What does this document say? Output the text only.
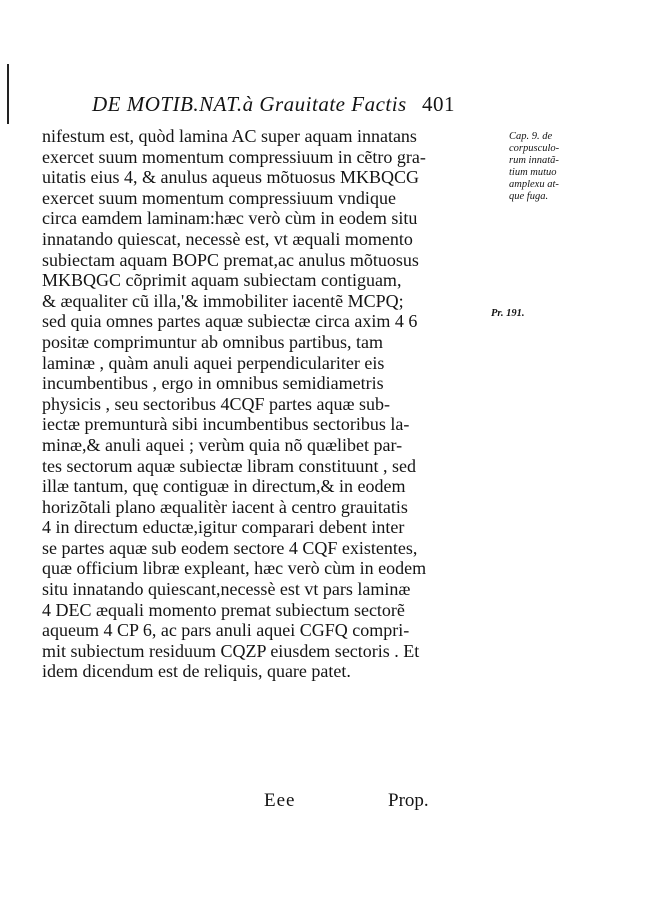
DE MOTIB.NAT.à Grauitate Factis 401
nifestum est, quòd lamina AC super aquam innatans
exercet suum momentum compressiuum in cẽtro gra-
uitatis eius 4, & anulus aqueus mõtuosus MKBQCG
exercet suum momentum compressiuum vndique
circa eamdem laminam:hæc verò cùm in eodem situ
innatando quiescat, necessè est, vt æquali momento
subiectam aquam BOPC premat,ac anulus mõtuosus
MKBQGC cõprimit aquam subiectam contiguam,
& æqualiter cũ illa,'& immobiliter iacentẽ MCPQ;
sed quia omnes partes aquæ subiectæ circa axim 4 6
positæ comprimuntur ab omnibus partibus, tam
laminæ , quàm anuli aquei perpendiculariter eis
incumbentibus , ergo in omnibus semidiametris
physicis , seu sectoribus 4CQF partes aquæ sub-
iectæ premunturà sibi incumbentibus sectoribus la-
minæ,& anuli aquei ; verùm quia nõ quælibet par-
tes sectorum aquæ subiectæ libram constituunt , sed
illæ tantum, quę contiguæ in directum,& in eodem
horizõtali plano æqualitèr iacent à centro grauitatis
4 in directum eductæ,igitur comparari debent inter
se partes aquæ sub eodem sectore 4 CQF existentes,
quæ officium libræ expleant, hæc verò cùm in eodem
situ innatando quiescant,necessè est vt pars laminæ
4 DEC æquali momento premat subiectum sectorẽ
aqueum 4 CP 6, ac pars anuli aquei CGFQ compri-
mit subiectum residuum CQZP eiusdem sectoris . Et
idem dicendum est de reliquis, quare patet.
Cap. 9. de
corpusculo-
rum innatã-
tium mutuo
amplexu at-
que fuga.
Pr. 191.
Eee	Prop.
